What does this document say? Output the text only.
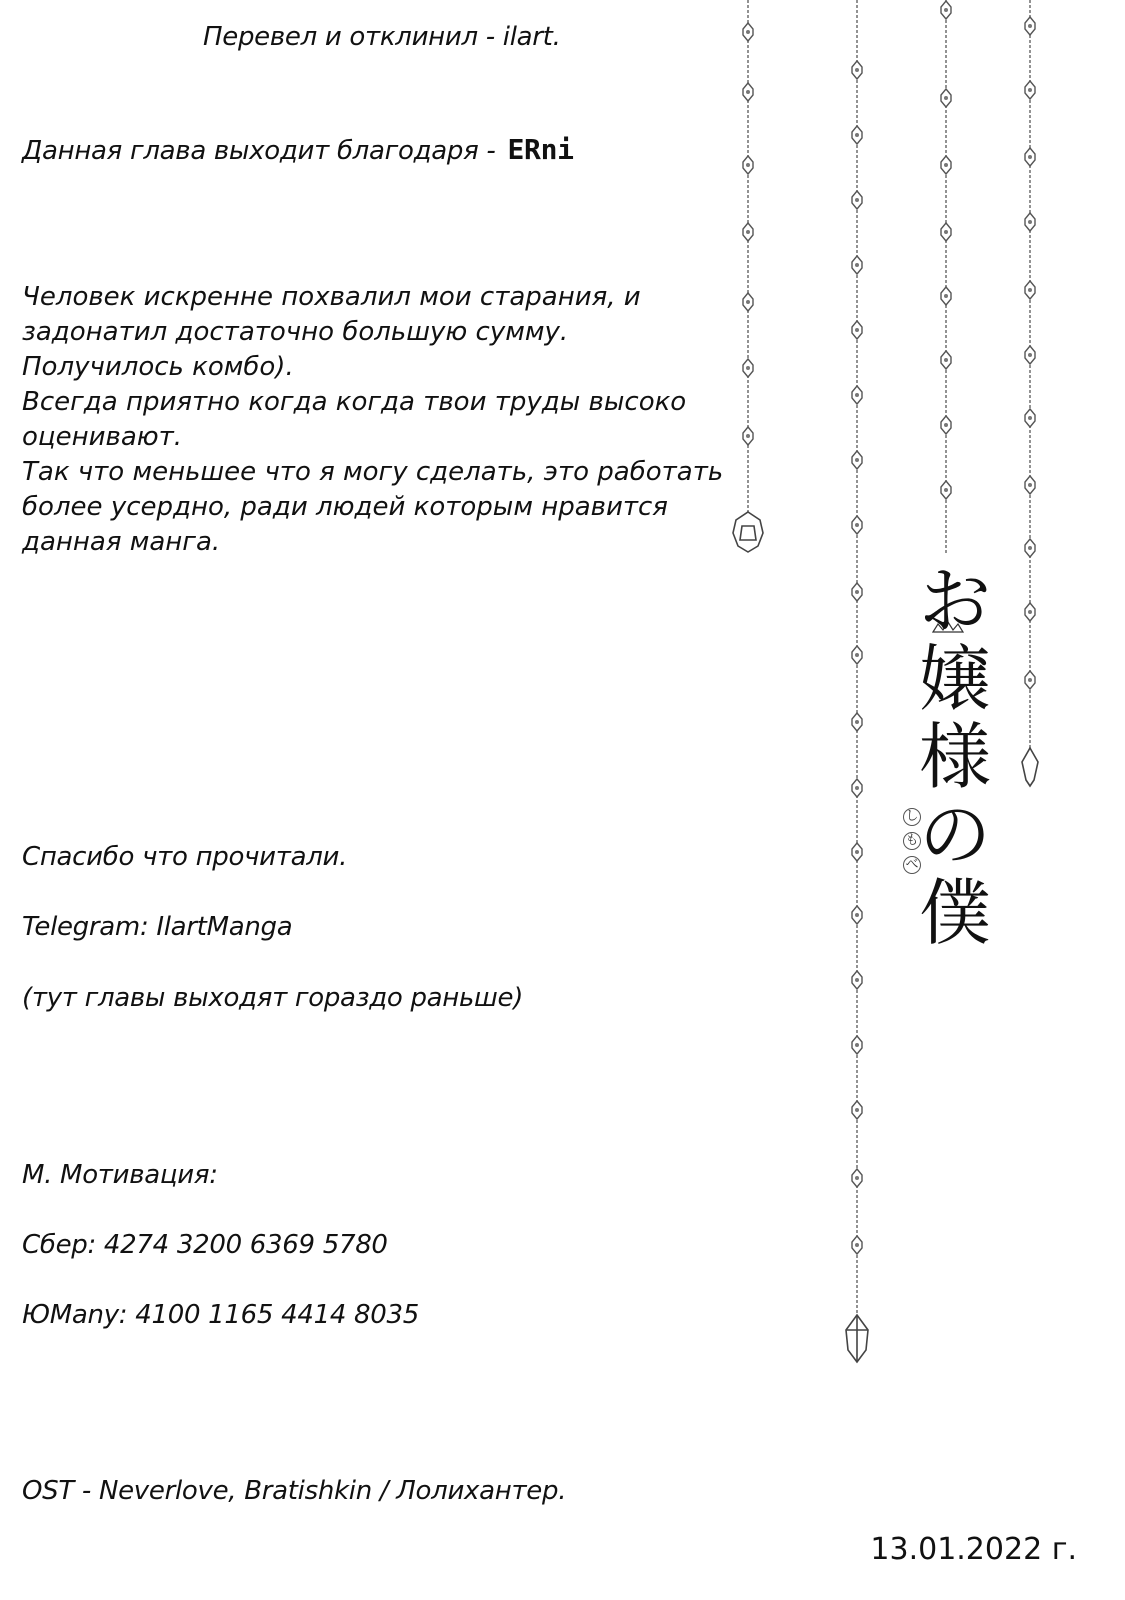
お
嬢
様
の
僕
し
も
べ

Перевел и отклинил - ilart.

Данная глава выходит благодаря - ERni

Человек искренне похвалил мои старания, и
задонатил достаточно большую сумму.
Получилось комбо).
Всегда приятно когда когда твои труды высоко
оценивают.
Так что меньшее что я могу сделать, это работать
более усердно, ради людей которым нравится
данная манга.

Спасибо что прочитали.

Telegram: IlartManga

(тут главы выходят гораздо раньше)

М. Мотивация:

Сбер: 4274 3200 6369 5780

ЮMany: 4100 1165 4414 8035

OST - Neverlove, Bratishkin / Лолихантер.

13.01.2022 г.
